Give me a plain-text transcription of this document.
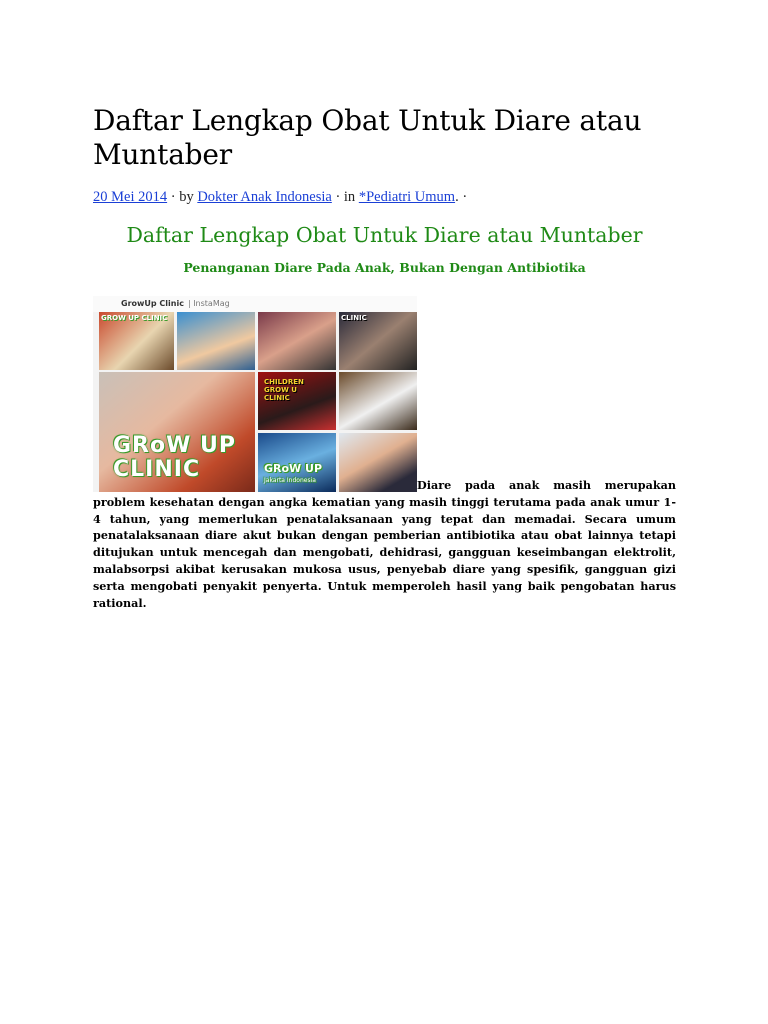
Daftar Lengkap Obat Untuk Diare atau Muntaber
20 Mei 2014 · by Dokter Anak Indonesia · in *Pediatri Umum. ·
Daftar Lengkap Obat Untuk Diare atau Muntaber
Penanganan Diare Pada Anak, Bukan Dengan Antibiotika
GrowUp Clinic | InstaMag
GROW UP CLINIC	CLINIC
GRoW UP
CLINIC
CHILDREN
GROW U
CLINIC
GRoW UP
Jakarta Indonesia	Diare pada anak masih merupakan problem kesehatan dengan angka kematian yang masih tinggi terutama pada anak umur 1-4 tahun, yang memerlukan penatalaksanaan yang tepat dan memadai. Secara umum penatalaksanaan diare akut bukan dengan pemberian antibiotika atau obat lainnya tetapi ditujukan untuk mencegah dan mengobati, dehidrasi, gangguan keseimbangan elektrolit, malabsorpsi akibat kerusakan mukosa usus, penyebab diare yang spesifik, gangguan gizi serta mengobati penyakit penyerta. Untuk memperoleh hasil yang baik pengobatan harus rational.
